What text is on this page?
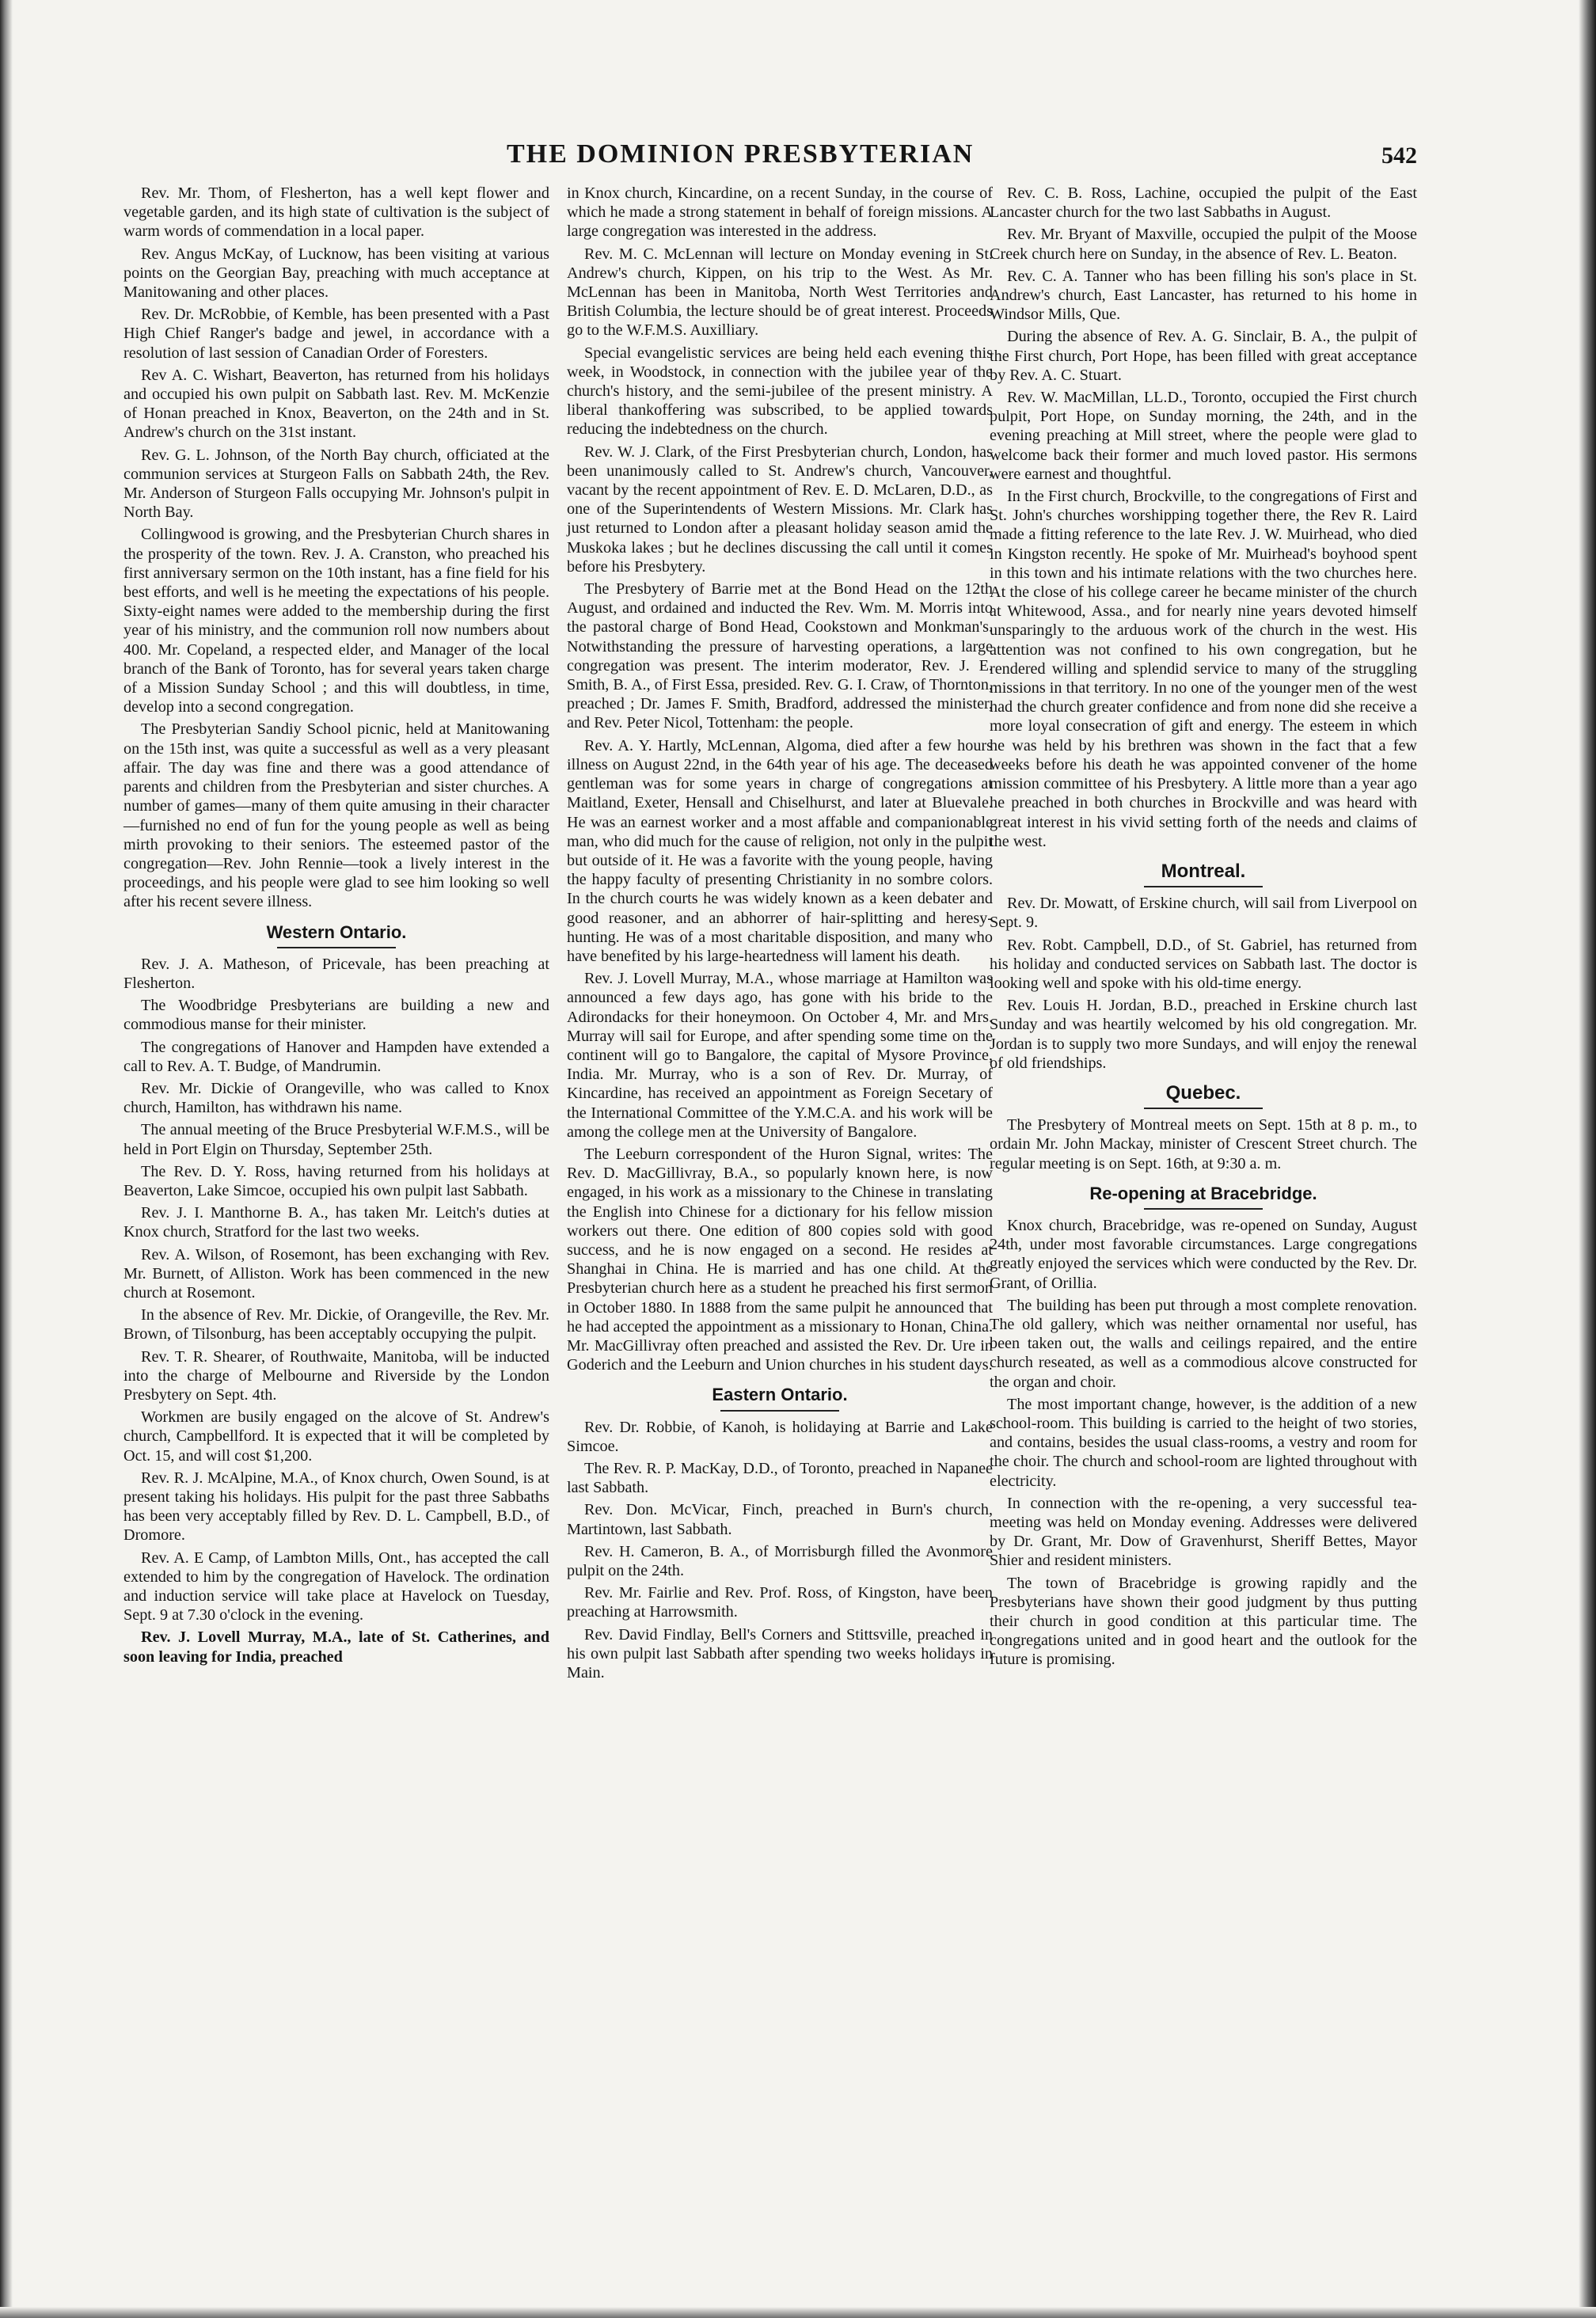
THE DOMINION PRESBYTERIAN	542

Rev. Mr. Thom, of Flesherton, has a well kept flower and vegetable garden, and its high state of cultivation is the subject of warm words of commendation in a local paper.

Rev. Angus McKay, of Lucknow, has been visiting at various points on the Georgian Bay, preaching with much acceptance at Manitowaning and other places.

Rev. Dr. McRobbie, of Kemble, has been presented with a Past High Chief Ranger's badge and jewel, in accordance with a resolution of last session of Canadian Order of Foresters.

Rev A. C. Wishart, Beaverton, has returned from his holidays and occupied his own pulpit on Sabbath last. Rev. M. McKenzie of Honan preached in Knox, Beaverton, on the 24th and in St. Andrew's church on the 31st instant.

Rev. G. L. Johnson, of the North Bay church, officiated at the communion services at Sturgeon Falls on Sabbath 24th, the Rev. Mr. Anderson of Sturgeon Falls occupying Mr. Johnson's pulpit in North Bay.

Collingwood is growing, and the Presbyterian Church shares in the prosperity of the town. Rev. J. A. Cranston, who preached his first anniversary sermon on the 10th instant, has a fine field for his best efforts, and well is he meeting the expectations of his people. Sixty-eight names were added to the membership during the first year of his ministry, and the communion roll now numbers about 400. Mr. Copeland, a respected elder, and Manager of the local branch of the Bank of Toronto, has for several years taken charge of a Mission Sunday School ; and this will doubtless, in time, develop into a second congregation.

The Presbyterian Sandiy School picnic, held at Manitowaning on the 15th inst, was quite a successful as well as a very pleasant affair. The day was fine and there was a good attendance of parents and children from the Presbyterian and sister churches. A number of games—many of them quite amusing in their character—furnished no end of fun for the young people as well as being mirth provoking to their seniors. The esteemed pastor of the congregation—Rev. John Rennie—took a lively interest in the proceedings, and his people were glad to see him looking so well after his recent severe illness.

Western Ontario.

Rev. J. A. Matheson, of Pricevale, has been preaching at Flesherton.

The Woodbridge Presbyterians are building a new and commodious manse for their minister.

The congregations of Hanover and Hampden have extended a call to Rev. A. T. Budge, of Mandrumin.

Rev. Mr. Dickie of Orangeville, who was called to Knox church, Hamilton, has withdrawn his name.

The annual meeting of the Bruce Presbyterial W.F.M.S., will be held in Port Elgin on Thursday, September 25th.

The Rev. D. Y. Ross, having returned from his holidays at Beaverton, Lake Simcoe, occupied his own pulpit last Sabbath.

Rev. J. I. Manthorne B. A., has taken Mr. Leitch's duties at Knox church, Stratford for the last two weeks.

Rev. A. Wilson, of Rosemont, has been exchanging with Rev. Mr. Burnett, of Alliston. Work has been commenced in the new church at Rosemont.

In the absence of Rev. Mr. Dickie, of Orangeville, the Rev. Mr. Brown, of Tilsonburg, has been acceptably occupying the pulpit.

Rev. T. R. Shearer, of Routhwaite, Manitoba, will be inducted into the charge of Melbourne and Riverside by the London Presbytery on Sept. 4th.

Workmen are busily engaged on the alcove of St. Andrew's church, Campbellford. It is expected that it will be completed by Oct. 15, and will cost $1,200.

Rev. R. J. McAlpine, M.A., of Knox church, Owen Sound, is at present taking his holidays. His pulpit for the past three Sabbaths has been very acceptably filled by Rev. D. L. Campbell, B.D., of Dromore.

Rev. A. E Camp, of Lambton Mills, Ont., has accepted the call extended to him by the congregation of Havelock. The ordination and induction service will take place at Havelock on Tuesday, Sept. 9 at 7.30 o'clock in the evening.

Rev. J. Lovell Murray, M.A., late of St. Catherines, and soon leaving for India, preached

in Knox church, Kincardine, on a recent Sunday, in the course of which he made a strong statement in behalf of foreign missions. A large congregation was interested in the address.

Rev. M. C. McLennan will lecture on Monday evening in St. Andrew's church, Kippen, on his trip to the West. As Mr. McLennan has been in Manitoba, North West Territories and British Columbia, the lecture should be of great interest. Proceeds go to the W.F.M.S. Auxilliary.

Special evangelistic services are being held each evening this week, in Woodstock, in connection with the jubilee year of the church's history, and the semi-jubilee of the present ministry. A liberal thankoffering was subscribed, to be applied towards reducing the indebtedness on the church.

Rev. W. J. Clark, of the First Presbyterian church, London, has been unanimously called to St. Andrew's church, Vancouver, vacant by the recent appointment of Rev. E. D. McLaren, D.D., as one of the Superintendents of Western Missions. Mr. Clark has just returned to London after a pleasant holiday season amid the Muskoka lakes ; but he declines discussing the call until it comes before his Presbytery.

The Presbytery of Barrie met at the Bond Head on the 12th August, and ordained and inducted the Rev. Wm. M. Morris into the pastoral charge of Bond Head, Cookstown and Monkman's. Notwithstanding the pressure of harvesting operations, a large congregation was present. The interim moderator, Rev. J. E. Smith, B. A., of First Essa, presided. Rev. G. I. Craw, of Thornton, preached ; Dr. James F. Smith, Bradford, addressed the minister, and Rev. Peter Nicol, Tottenham: the people.

Rev. A. Y. Hartly, McLennan, Algoma, died after a few hours illness on August 22nd, in the 64th year of his age. The deceased gentleman was for some years in charge of congregations at Maitland, Exeter, Hensall and Chiselhurst, and later at Bluevale. He was an earnest worker and a most affable and companionable man, who did much for the cause of religion, not only in the pulpit but outside of it. He was a favorite with the young people, having the happy faculty of presenting Christianity in no sombre colors. In the church courts he was widely known as a keen debater and good reasoner, and an abhorrer of hair-splitting and heresy-hunting. He was of a most charitable disposition, and many who have benefited by his large-heartedness will lament his death.

Rev. J. Lovell Murray, M.A., whose marriage at Hamilton was announced a few days ago, has gone with his bride to the Adirondacks for their honeymoon. On October 4, Mr. and Mrs. Murray will sail for Europe, and after spending some time on the continent will go to Bangalore, the capital of Mysore Province, India. Mr. Murray, who is a son of Rev. Dr. Murray, of Kincardine, has received an appointment as Foreign Secetary of the International Committee of the Y.M.C.A. and his work will be among the college men at the University of Bangalore.

The Leeburn correspondent of the Huron Signal, writes: The Rev. D. MacGillivray, B.A., so popularly known here, is now engaged, in his work as a missionary to the Chinese in translating the English into Chinese for a dictionary for his fellow mission workers out there. One edition of 800 copies sold with good success, and he is now engaged on a second. He resides at Shanghai in China. He is married and has one child. At the Presbyterian church here as a student he preached his first sermon in October 1880. In 1888 from the same pulpit he announced that he had accepted the appointment as a missionary to Honan, China. Mr. MacGillivray often preached and assisted the Rev. Dr. Ure in Goderich and the Leeburn and Union churches in his student days.

Eastern Ontario.

Rev. Dr. Robbie, of Kanoh, is holidaying at Barrie and Lake Simcoe.

The Rev. R. P. MacKay, D.D., of Toronto, preached in Napanee last Sabbath.

Rev. Don. McVicar, Finch, preached in Burn's church, Martintown, last Sabbath.

Rev. H. Cameron, B. A., of Morrisburgh filled the Avonmore pulpit on the 24th.

Rev. Mr. Fairlie and Rev. Prof. Ross, of Kingston, have been preaching at Harrowsmith.

Rev. David Findlay, Bell's Corners and Stittsville, preached in his own pulpit last Sabbath after spending two weeks holidays in Main.

Rev. C. B. Ross, Lachine, occupied the pulpit of the East Lancaster church for the two last Sabbaths in August.

Rev. Mr. Bryant of Maxville, occupied the pulpit of the Moose Creek church here on Sunday, in the absence of Rev. L. Beaton.

Rev. C. A. Tanner who has been filling his son's place in St. Andrew's church, East Lancaster, has returned to his home in Windsor Mills, Que.

During the absence of Rev. A. G. Sinclair, B. A., the pulpit of the First church, Port Hope, has been filled with great acceptance by Rev. A. C. Stuart.

Rev. W. MacMillan, LL.D., Toronto, occupied the First church pulpit, Port Hope, on Sunday morning, the 24th, and in the evening preaching at Mill street, where the people were glad to welcome back their former and much loved pastor. His sermons were earnest and thoughtful.

In the First church, Brockville, to the congregations of First and St. John's churches worshipping together there, the Rev R. Laird made a fitting reference to the late Rev. J. W. Muirhead, who died in Kingston recently. He spoke of Mr. Muirhead's boyhood spent in this town and his intimate relations with the two churches here. At the close of his college career he became minister of the church at Whitewood, Assa., and for nearly nine years devoted himself unsparingly to the arduous work of the church in the west. His attention was not confined to his own congregation, but he rendered willing and splendid service to many of the struggling missions in that territory. In no one of the younger men of the west had the church greater confidence and from none did she receive a more loyal consecration of gift and energy. The esteem in which he was held by his brethren was shown in the fact that a few weeks before his death he was appointed convener of the home mission committee of his Presbytery. A little more than a year ago he preached in both churches in Brockville and was heard with great interest in his vivid setting forth of the needs and claims of the west.

Montreal.

Rev. Dr. Mowatt, of Erskine church, will sail from Liverpool on Sept. 9.

Rev. Robt. Campbell, D.D., of St. Gabriel, has returned from his holiday and conducted services on Sabbath last. The doctor is looking well and spoke with his old-time energy.

Rev. Louis H. Jordan, B.D., preached in Erskine church last Sunday and was heartily welcomed by his old congregation. Mr. Jordan is to supply two more Sundays, and will enjoy the renewal of old friendships.

Quebec.

The Presbytery of Montreal meets on Sept. 15th at 8 p. m., to ordain Mr. John Mackay, minister of Crescent Street church. The regular meeting is on Sept. 16th, at 9:30 a. m.

Re-opening at Bracebridge.

Knox church, Bracebridge, was re-opened on Sunday, August 24th, under most favorable circumstances. Large congregations greatly enjoyed the services which were conducted by the Rev. Dr. Grant, of Orillia.

The building has been put through a most complete renovation. The old gallery, which was neither ornamental nor useful, has been taken out, the walls and ceilings repaired, and the entire church reseated, as well as a commodious alcove constructed for the organ and choir.

The most important change, however, is the addition of a new school-room. This building is carried to the height of two stories, and contains, besides the usual class-rooms, a vestry and room for the choir. The church and school-room are lighted throughout with electricity.

In connection with the re-opening, a very successful tea-meeting was held on Monday evening. Addresses were delivered by Dr. Grant, Mr. Dow of Gravenhurst, Sheriff Bettes, Mayor Shier and resident ministers.

The town of Bracebridge is growing rapidly and the Presbyterians have shown their good judgment by thus putting their church in good condition at this particular time. The congregations united and in good heart and the outlook for the future is promising.
